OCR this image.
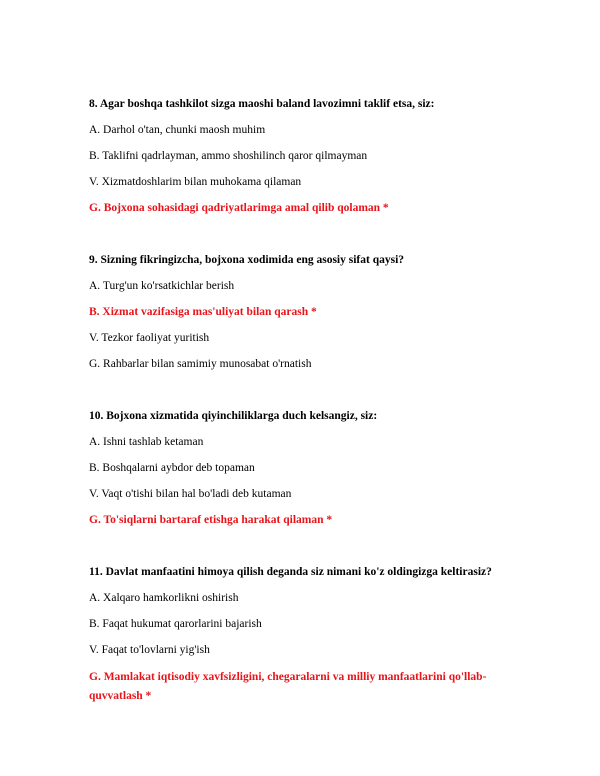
8. Agar boshqa tashkilot sizga maoshi baland lavozimni taklif etsa, siz:

A. Darhol o'tan, chunki maosh muhim

B. Taklifni qadrlayman, ammo shoshilinch qaror qilmayman

V. Xizmatdoshlarim bilan muhokama qilaman

G. Bojxona sohasidagi qadriyatlarimga amal qilib qolaman *

9. Sizning fikringizcha, bojxona xodimida eng asosiy sifat qaysi?

A. Turg'un ko'rsatkichlar berish

B. Xizmat vazifasiga mas'uliyat bilan qarash *

V. Tezkor faoliyat yuritish

G. Rahbarlar bilan samimiy munosabat o'rnatish

10. Bojxona xizmatida qiyinchiliklarga duch kelsangiz, siz:

A. Ishni tashlab ketaman

B. Boshqalarni aybdor deb topaman

V. Vaqt o'tishi bilan hal bo'ladi deb kutaman

G. To'siqlarni bartaraf etishga harakat qilaman *

11. Davlat manfaatini himoya qilish deganda siz nimani ko'z oldingizga keltirasiz?

A. Xalqaro hamkorlikni oshirish

B. Faqat hukumat qarorlarini bajarish

V. Faqat to'lovlarni yig'ish

G. Mamlakat iqtisodiy xavfsizligini, chegaralarni va milliy manfaatlarini qo'llab-quvvatlash *
